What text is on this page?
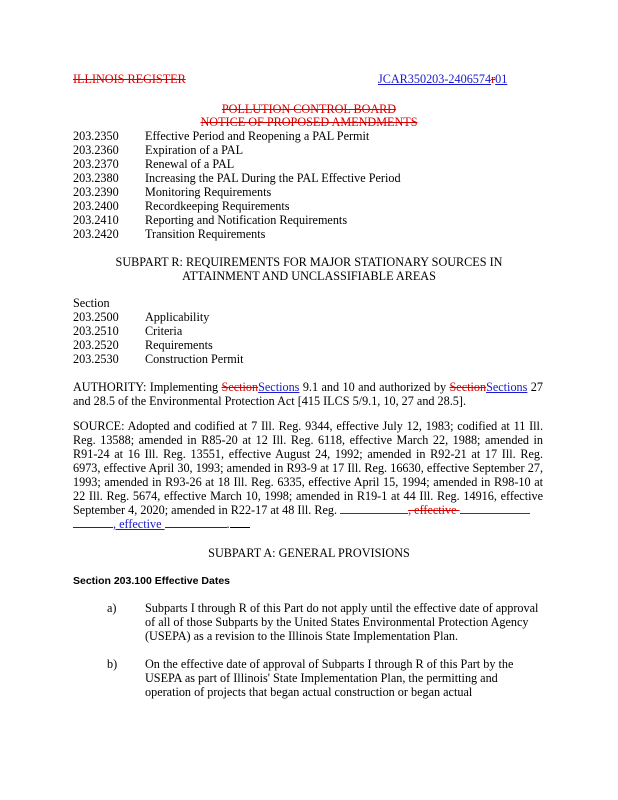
ILLINOIS REGISTER	JCAR350203-2406574r01
POLLUTION CONTROL BOARD
NOTICE OF PROPOSED AMENDMENTS
203.2350 Effective Period and Reopening a PAL Permit
203.2360 Expiration of a PAL
203.2370 Renewal of a PAL
203.2380 Increasing the PAL During the PAL Effective Period
203.2390 Monitoring Requirements
203.2400 Recordkeeping Requirements
203.2410 Reporting and Notification Requirements
203.2420 Transition Requirements
SUBPART R: REQUIREMENTS FOR MAJOR STATIONARY SOURCES IN
ATTAINMENT AND UNCLASSIFIABLE AREAS
Section
203.2500 Applicability
203.2510 Criteria
203.2520 Requirements
203.2530 Construction Permit
AUTHORITY: Implementing SectionSections 9.1 and 10 and authorized by SectionSections 27 and 28.5 of the Environmental Protection Act [415 ILCS 5/9.1, 10, 27 and 28.5].
SOURCE: Adopted and codified at 7 Ill. Reg. 9344, effective July 12, 1983; codified at 11 Ill. Reg. 13588; amended in R85-20 at 12 Ill. Reg. 6118, effective March 22, 1988; amended in R91-24 at 16 Ill. Reg. 13551, effective August 24, 1992; amended in R92-21 at 17 Ill. Reg. 6973, effective April 30, 1993; amended in R93-9 at 17 Ill. Reg. 16630, effective September 27, 1993; amended in R93-26 at 18 Ill. Reg. 6335, effective April 15, 1994; amended in R98-10 at 22 Ill. Reg. 5674, effective March 10, 1998; amended in R19-1 at 44 Ill. Reg. 14916, effective September 4, 2020; amended in R22-17 at 48 Ill. Reg.	, effective
, effective	.
SUBPART A: GENERAL PROVISIONS
Section 203.100 Effective Dates
a) Subparts I through R of this Part do not apply until the effective date of approval of all of those Subparts by the United States Environmental Protection Agency (USEPA) as a revision to the Illinois State Implementation Plan.
b) On the effective date of approval of Subparts I through R of this Part by the USEPA as part of Illinois' State Implementation Plan, the permitting and operation of projects that began actual construction or began actual
